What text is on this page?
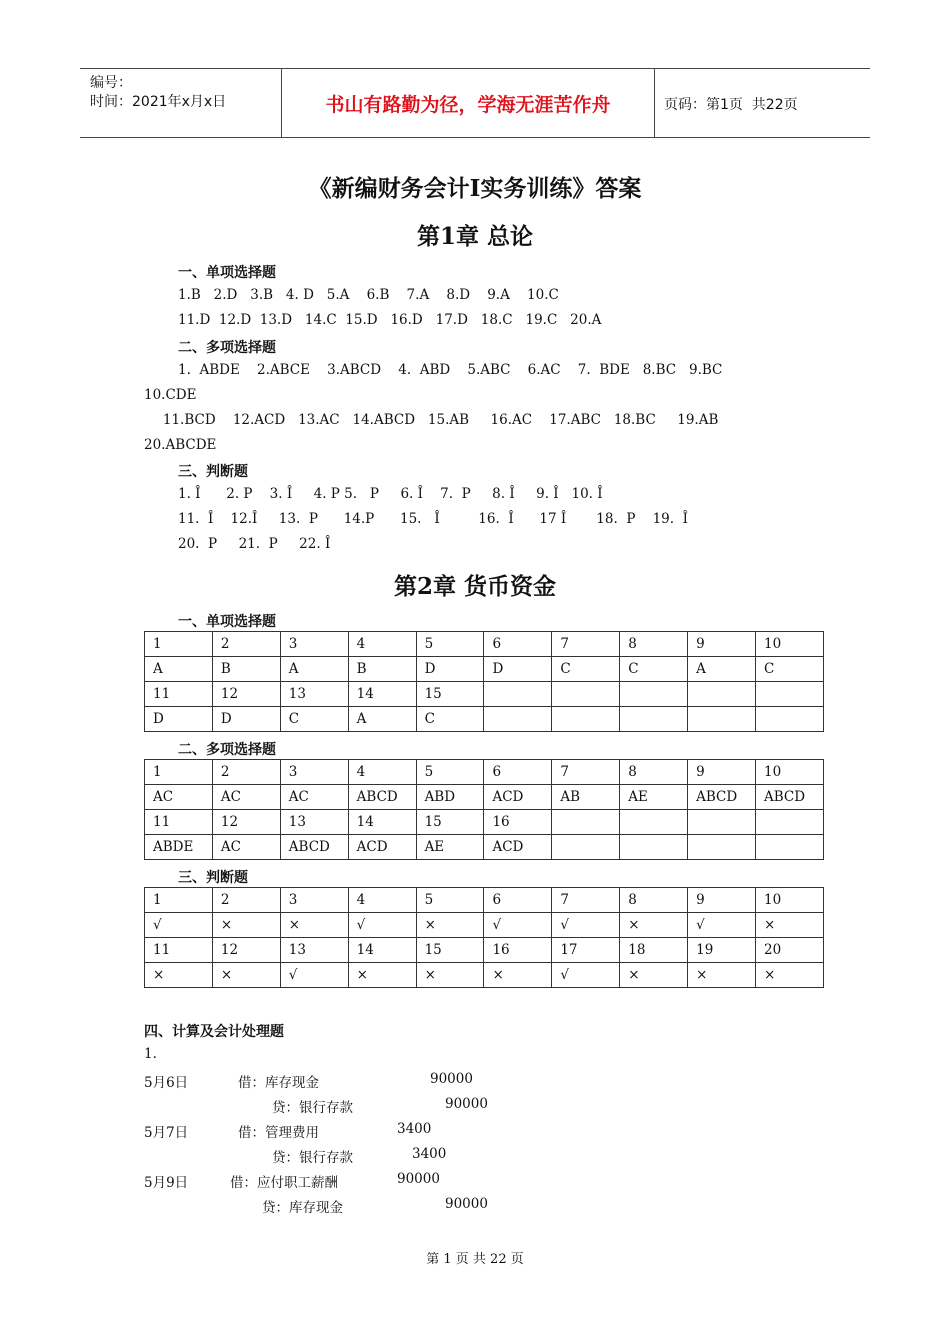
编号：
时间：2021年x月x日	书山有路勤为径，学海无涯苦作舟	页码：第1页  共22页
《新编财务会计I实务训练》答案
第1章 总论
一、单项选择题
1.B   2.D   3.B   4. D   5.A    6.B    7.A    8.D    9.A    10.C
11.D  12.D  13.D   14.C  15.D   16.D   17.D   18.C   19.C   20.A
二、多项选择题
1.  ABDE    2.ABCE    3.ABCD    4.  ABD    5.ABC    6.AC    7.  BDE   8.BC   9.BC
10.CDE
11.BCD    12.ACD   13.AC   14.ABCD   15.AB     16.AC    17.ABC   18.BC     19.AB
20.ABCDE
三、判断题
1. Î      2. P    3. Î     4. P 5.   P     6. Î    7.  P     8. Î     9. Î   10. Î
11.  Î    12.Î     13.  P      14.P      15.   Î         16.  Î      17 Î       18.  P    19.  Î
20.  P     21.  P     22. Î
第2章 货币资金
一、单项选择题
1	2	3	4	5	6	7	8	9	10
A	B	A	B	D	D	C	C	A	C
11	12	13	14	15					
D	D	C	A	C					
二、多项选择题
1	2	3	4	5	6	7	8	9	10
AC	AC	AC	ABCD	ABD	ACD	AB	AE	ABCD	ABCD
11	12	13	14	15	16				
ABDE	AC	ABCD	ACD	AE	ACD				
三、判断题
1	2	3	4	5	6	7	8	9	10
√	×	×	√	×	√	√	×	√	×
11	12	13	14	15	16	17	18	19	20
×	×	√	×	×	×	√	×	×	×
四、计算及会计处理题
1.
5月6日	借：库存现金	90000
贷：银行存款	90000
5月7日	借：管理费用	3400
贷：银行存款	3400
5月9日	借：应付职工薪酬	90000
贷：库存现金	90000
第 1 页 共 22 页
